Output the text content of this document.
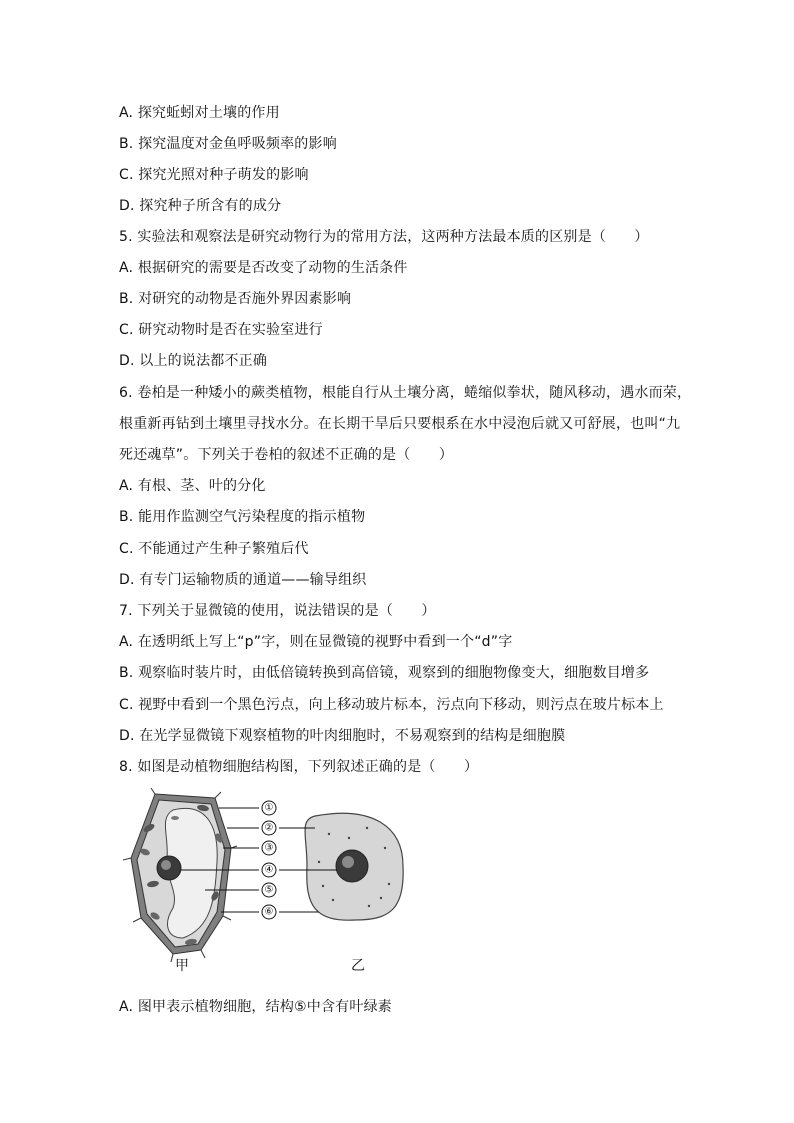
A. 探究蚯蚓对土壤的作用
B. 探究温度对金鱼呼吸频率的影响
C. 探究光照对种子萌发的影响
D. 探究种子所含有的成分
5. 实验法和观察法是研究动物行为的常用方法，这两种方法最本质的区别是（　　）
A. 根据研究的需要是否改变了动物的生活条件
B. 对研究的动物是否施外界因素影响
C. 研究动物时是否在实验室进行
D. 以上的说法都不正确
6. 卷柏是一种矮小的蕨类植物，根能自行从土壤分离，蜷缩似拳状，随风移动，遇水而荣，
根重新再钻到土壤里寻找水分。在长期干旱后只要根系在水中浸泡后就又可舒展，也叫“九
死还魂草”。下列关于卷柏的叙述不正确的是（　　）
A. 有根、茎、叶的分化
B. 能用作监测空气污染程度的指示植物
C. 不能通过产生种子繁殖后代
D. 有专门运输物质的通道——输导组织
7. 下列关于显微镜的使用，说法错误的是（　　）
A. 在透明纸上写上“p”字，则在显微镜的视野中看到一个“d”字
B. 观察临时装片时，由低倍镜转换到高倍镜，观察到的细胞物像变大，细胞数目增多
C. 视野中看到一个黑色污点，向上移动玻片标本，污点向下移动，则污点在玻片标本上
D. 在光学显微镜下观察植物的叶肉细胞时，不易观察到的结构是细胞膜
8. 如图是动植物细胞结构图，下列叙述正确的是（　　）
①
②
③
④
⑤
⑥
甲	乙
A. 图甲表示植物细胞，结构⑤中含有叶绿素
